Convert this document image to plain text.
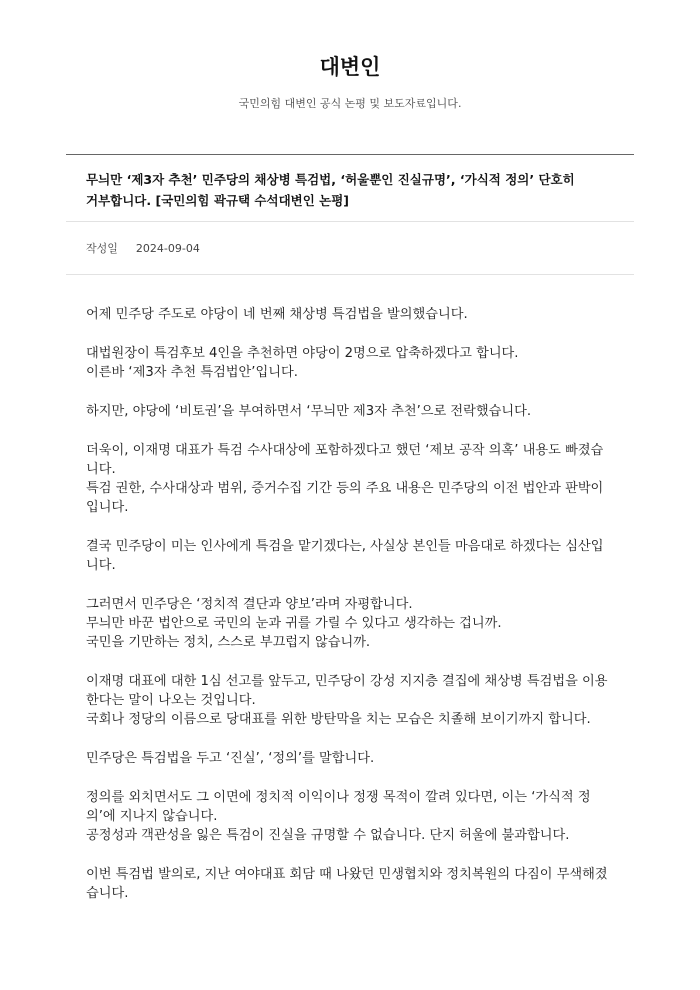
대변인
국민의힘 대변인 공식 논평 및 보도자료입니다.
무늬만 ‘제3자 추천’ 민주당의 채상병 특검법, ‘허울뿐인 진실규명’, ‘가식적 정의’ 단호히 거부합니다. [국민의힘 곽규택 수석대변인 논평]
작성일 2024-09-04

어제 민주당 주도로 야당이 네 번째 채상병 특검법을 발의했습니다.

대법원장이 특검후보 4인을 추천하면 야당이 2명으로 압축하겠다고 합니다.
이른바 ‘제3자 추천 특검법안’입니다.

하지만, 야당에 ‘비토권’을 부여하면서 ‘무늬만 제3자 추천’으로 전락했습니다.

더욱이, 이재명 대표가 특검 수사대상에 포함하겠다고 했던 ‘제보 공작 의혹’ 내용도 빠졌습니다.
특검 권한, 수사대상과 범위, 증거수집 기간 등의 주요 내용은 민주당의 이전 법안과 판박이입니다.

결국 민주당이 미는 인사에게 특검을 맡기겠다는, 사실상 본인들 마음대로 하겠다는 심산입니다.

그러면서 민주당은 ‘정치적 결단과 양보’라며 자평합니다.
무늬만 바꾼 법안으로 국민의 눈과 귀를 가릴 수 있다고 생각하는 겁니까.
국민을 기만하는 정치, 스스로 부끄럽지 않습니까.

이재명 대표에 대한 1심 선고를 앞두고, 민주당이 강성 지지층 결집에 채상병 특검법을 이용한다는 말이 나오는 것입니다.
국회나 정당의 이름으로 당대표를 위한 방탄막을 치는 모습은 치졸해 보이기까지 합니다.

민주당은 특검법을 두고 ‘진실’, ‘정의’를 말합니다.

정의를 외치면서도 그 이면에 정치적 이익이나 정쟁 목적이 깔려 있다면, 이는 ‘가식적 정의’에 지나지 않습니다.
공정성과 객관성을 잃은 특검이 진실을 규명할 수 없습니다. 단지 허울에 불과합니다.

이번 특검법 발의로, 지난 여야대표 회담 때 나왔던 민생협치와 정치복원의 다짐이 무색해졌습니다.
